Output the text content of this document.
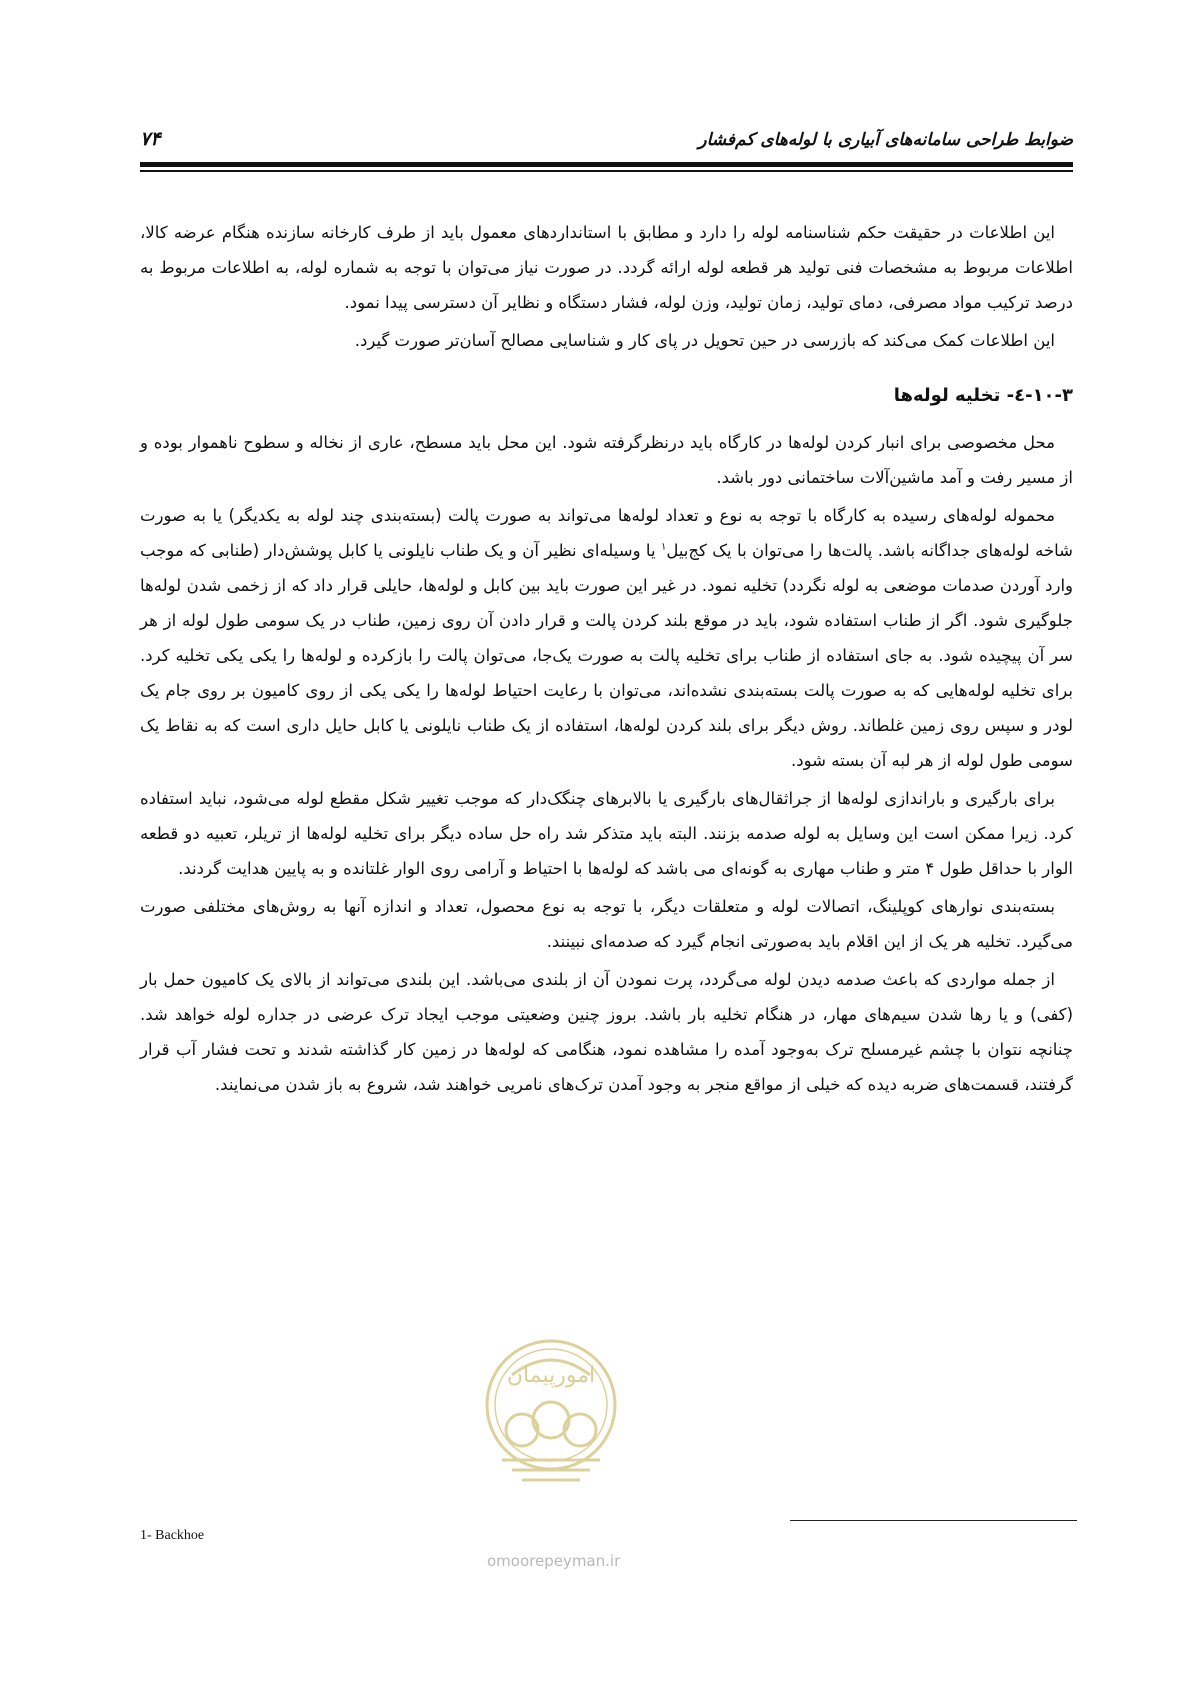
ضوابط طراحی سامانه‌های آبیاری با لوله‌های کم‌فشار
۷۴

این اطلاعات در حقیقت حکم شناسنامه لوله را دارد و مطابق با استانداردهای معمول باید از طرف کارخانه سازنده هنگام عرضه کالا، اطلاعات مربوط به مشخصات فنی تولید هر قطعه لوله ارائه گردد. در صورت نیاز می‌توان با توجه به شماره لوله، به اطلاعات مربوط به درصد ترکیب مواد مصرفی، دمای تولید، زمان تولید، وزن لوله، فشار دستگاه و نظایر آن دسترسی پیدا نمود.

این اطلاعات کمک می‌کند که بازرسی در حین تحویل در پای کار و شناسایی مصالح آسان‌تر صورت گیرد.

۱۰-۳-٤- تخلیه لوله‌ها

محل مخصوصی برای انبار کردن لوله‌ها در کارگاه باید درنظرگرفته شود. این محل باید مسطح، عاری از نخاله و سطوح ناهموار بوده و از مسیر رفت و آمد ماشین‌آلات ساختمانی دور باشد.

محموله لوله‌های رسیده به کارگاه با توجه به نوع و تعداد لوله‌ها می‌تواند به صورت پالت (بسته‌بندی چند لوله به یکدیگر) یا به صورت شاخه لوله‌های جداگانه باشد. پالت‌ها را می‌توان با یک کج‌بیل$^۱$ یا وسیله‌ای نظیر آن و یک طناب نایلونی یا کابل پوشش‌دار (طنابی که موجب وارد آوردن صدمات موضعی به لوله نگردد) تخلیه نمود. در غیر این صورت باید بین کابل و لوله‌ها، حایلی قرار داد که از زخمی شدن لوله‌ها جلوگیری شود. اگر از طناب استفاده شود، باید در موقع بلند کردن پالت و قرار دادن آن روی زمین، طناب در یک سومی طول لوله از هر سر آن پیچیده شود. به جای استفاده از طناب برای تخلیه پالت به صورت یک‌جا، می‌توان پالت را بازکرده و لوله‌ها را یکی یکی تخلیه کرد. برای تخلیه لوله‌هایی که به صورت پالت بسته‌بندی نشده‌اند، می‌توان با رعایت احتیاط لوله‌ها را یکی یکی از روی کامیون بر روی جام یک لودر و سپس روی زمین غلطاند. روش دیگر برای بلند کردن لوله‌ها، استفاده از یک طناب نایلونی یا کابل حایل داری است که به نقاط یک سومی طول لوله از هر لبه آن بسته شود.

برای بارگیری و باراندازی لوله‌ها از جراثقال‌های بارگیری یا بالابرهای چنگک‌دار که موجب تغییر شکل مقطع لوله می‌شود، نباید استفاده کرد. زیرا ممکن است این وسایل به لوله صدمه بزنند. البته باید متذکر شد راه حل ساده دیگر برای تخلیه لوله‌ها از تریلر، تعبیه دو قطعه الوار با حداقل طول ۴ متر و طناب مهاری به گونه‌ای می باشد که لوله‌ها با احتیاط و آرامی روی الوار غلتانده و به پایین هدایت گردند.

بسته‌بندی نوارهای کوپلینگ، اتصالات لوله و متعلقات دیگر، با توجه به نوع محصول، تعداد و اندازه آنها به روش‌های مختلفی صورت می‌گیرد. تخلیه هر یک از این اقلام باید به‌صورتی انجام گیرد که صدمه‌ای نبینند.

از جمله مواردی که باعث صدمه دیدن لوله می‌گردد، پرت نمودن آن از بلندی می‌باشد. این بلندی می‌تواند از بالای یک کامیون حمل بار (کفی) و یا رها شدن سیم‌های مهار، در هنگام تخلیه بار باشد. بروز چنین وضعیتی موجب ایجاد ترک عرضی در جداره لوله خواهد شد. چنانچه نتوان با چشم غیرمسلح ترک به‌وجود آمده را مشاهده نمود، هنگامی که لوله‌ها در زمین کار گذاشته شدند و تحت فشار آب قرار گرفتند، قسمت‌های ضربه دیده که خیلی از مواقع منجر به وجود آمدن ترک‌های نامریی خواهند شد، شروع به باز شدن می‌نمایند.

امورپیمان
omoorepeyman.ir
1- Backhoe
